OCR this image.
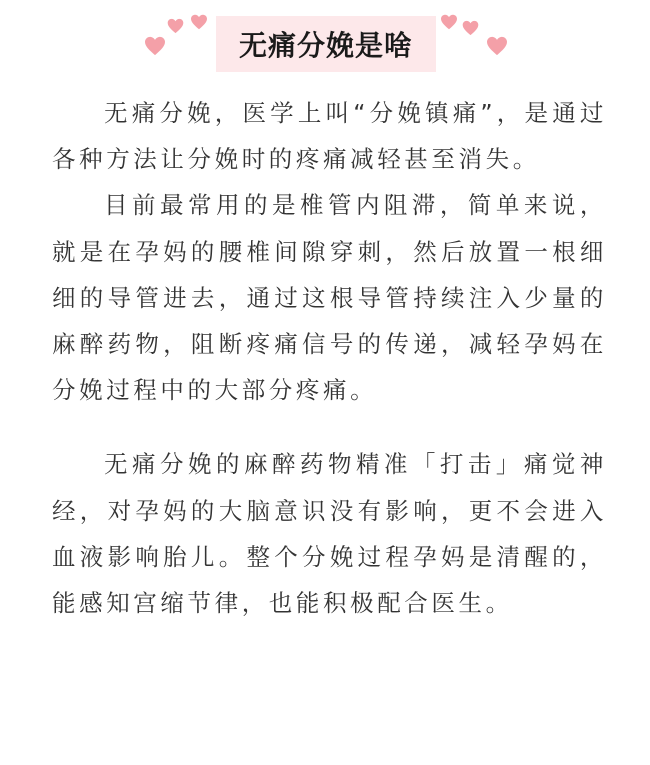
无痛分娩是啥

无痛分娩，医学上叫“分娩镇痛”，是通过各种方法让分娩时的疼痛减轻甚至消失。

目前最常用的是椎管内阻滞，简单来说，就是在孕妈的腰椎间隙穿刺，然后放置一根细细的导管进去，通过这根导管持续注入少量的麻醉药物，阻断疼痛信号的传递，减轻孕妈在分娩过程中的大部分疼痛。

无痛分娩的麻醉药物精准「打击」痛觉神经，对孕妈的大脑意识没有影响，更不会进入血液影响胎儿。整个分娩过程孕妈是清醒的，能感知宫缩节律，也能积极配合医生。
